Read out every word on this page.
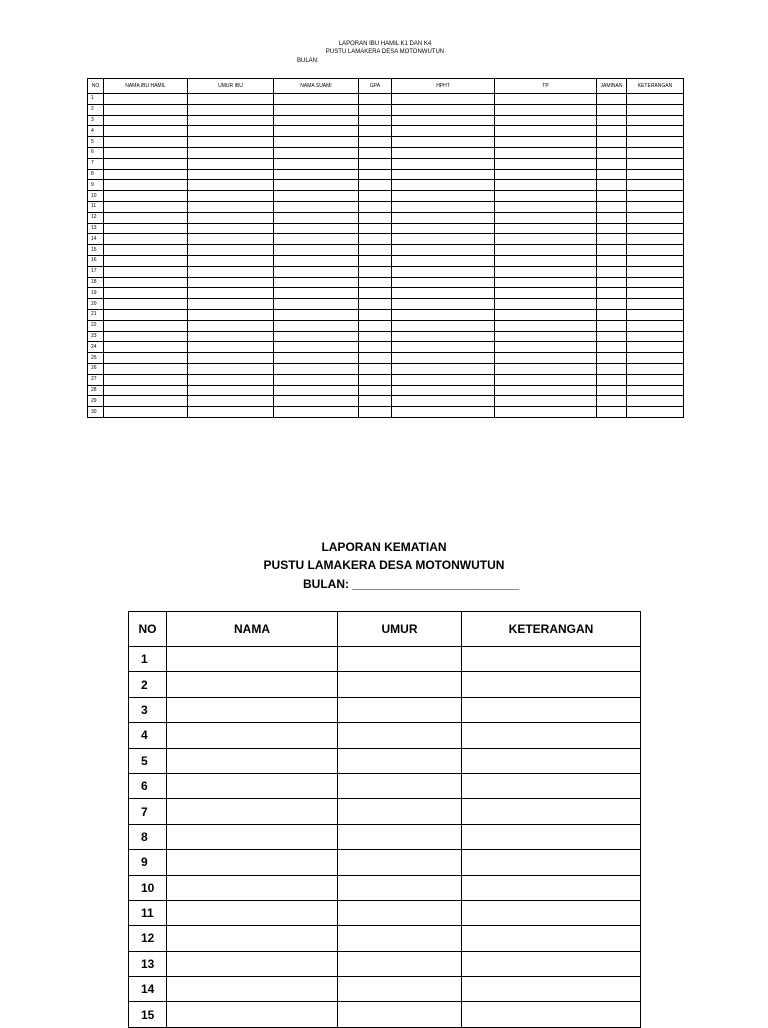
LAPORAN IBU HAMIL K1 DAN K4
PUSTU LAMAKERA DESA MOTONWUTUN
BULAN:
NO	NAMA IBU HAMIL	UMUR IBU	NAMA SUAMI	GPA	HPHT	TP	JAMINAN	KETERANGAN
1								
2								
3								
4								
5								
6								
7								
8								
9								
10								
11								
12								
13								
14								
15								
16								
17								
18								
19								
20								
21								
22								
23								
24								
25								
26								
27								
28								
29								
30								
LAPORAN KEMATIAN
PUSTU LAMAKERA DESA MOTONWUTUN
BULAN: _________________________
NO	NAMA	UMUR	KETERANGAN
1			
2			
3			
4			
5			
6			
7			
8			
9			
10			
11			
12			
13			
14			
15			
